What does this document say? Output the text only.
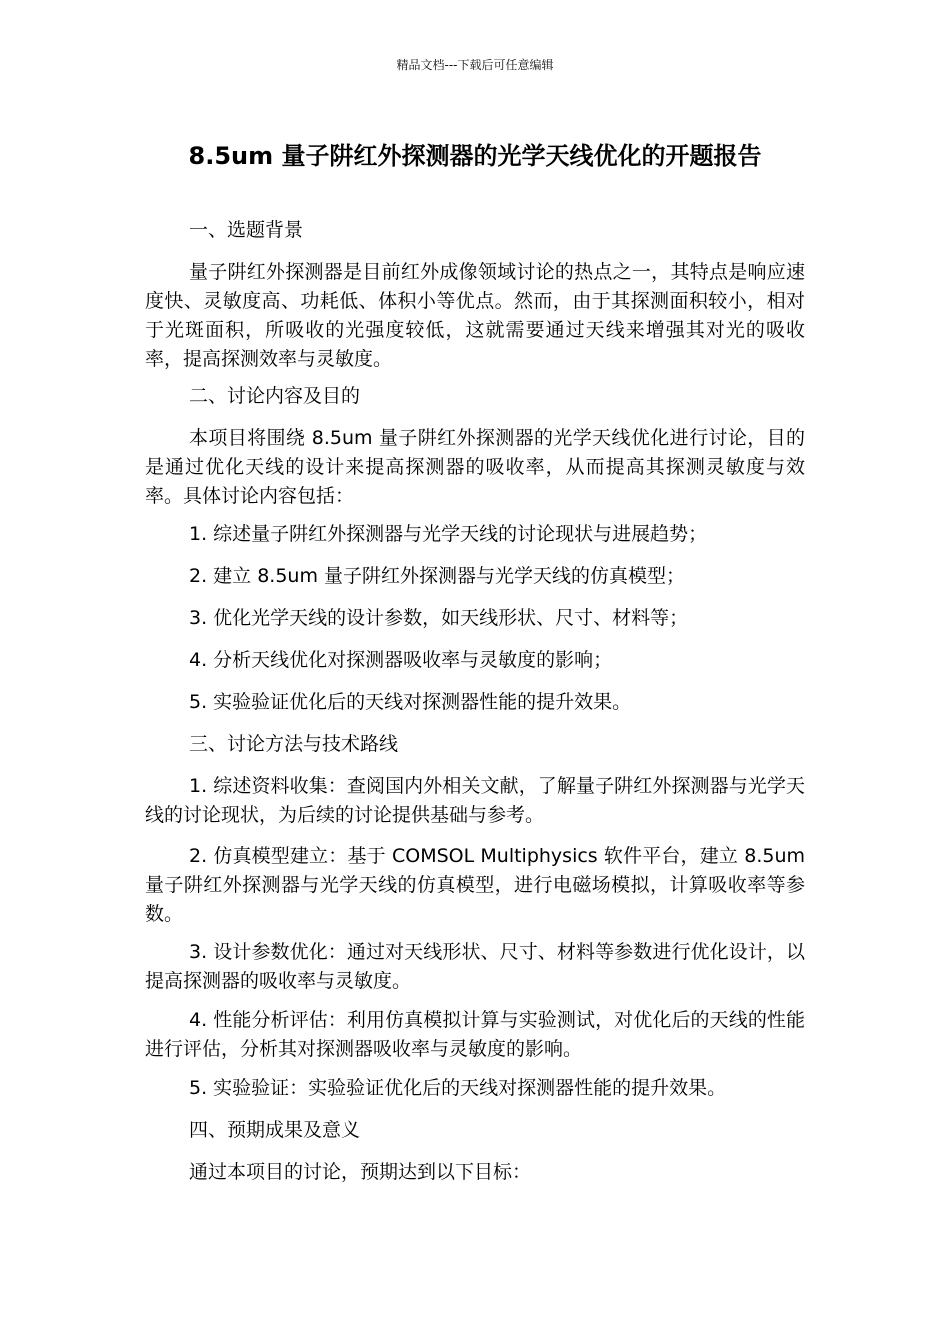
精品文档---下载后可任意编辑
8.5um 量子阱红外探测器的光学天线优化的开题报告

一、选题背景

量子阱红外探测器是目前红外成像领域讨论的热点之一，其特点是响应速度快、灵敏度高、功耗低、体积小等优点。然而，由于其探测面积较小，相对于光斑面积，所吸收的光强度较低，这就需要通过天线来增强其对光的吸收率，提高探测效率与灵敏度。

二、讨论内容及目的

本项目将围绕 8.5um 量子阱红外探测器的光学天线优化进行讨论，目的是通过优化天线的设计来提高探测器的吸收率，从而提高其探测灵敏度与效率。具体讨论内容包括：

1. 综述量子阱红外探测器与光学天线的讨论现状与进展趋势；

2. 建立 8.5um 量子阱红外探测器与光学天线的仿真模型；

3. 优化光学天线的设计参数，如天线形状、尺寸、材料等；

4. 分析天线优化对探测器吸收率与灵敏度的影响；

5. 实验验证优化后的天线对探测器性能的提升效果。

三、讨论方法与技术路线

1. 综述资料收集：查阅国内外相关文献，了解量子阱红外探测器与光学天线的讨论现状，为后续的讨论提供基础与参考。

2. 仿真模型建立：基于 COMSOL Multiphysics 软件平台，建立 8.5um 量子阱红外探测器与光学天线的仿真模型，进行电磁场模拟，计算吸收率等参数。

3. 设计参数优化：通过对天线形状、尺寸、材料等参数进行优化设计，以提高探测器的吸收率与灵敏度。

4. 性能分析评估：利用仿真模拟计算与实验测试，对优化后的天线的性能进行评估，分析其对探测器吸收率与灵敏度的影响。

5. 实验验证：实验验证优化后的天线对探测器性能的提升效果。

四、预期成果及意义

通过本项目的讨论，预期达到以下目标：
